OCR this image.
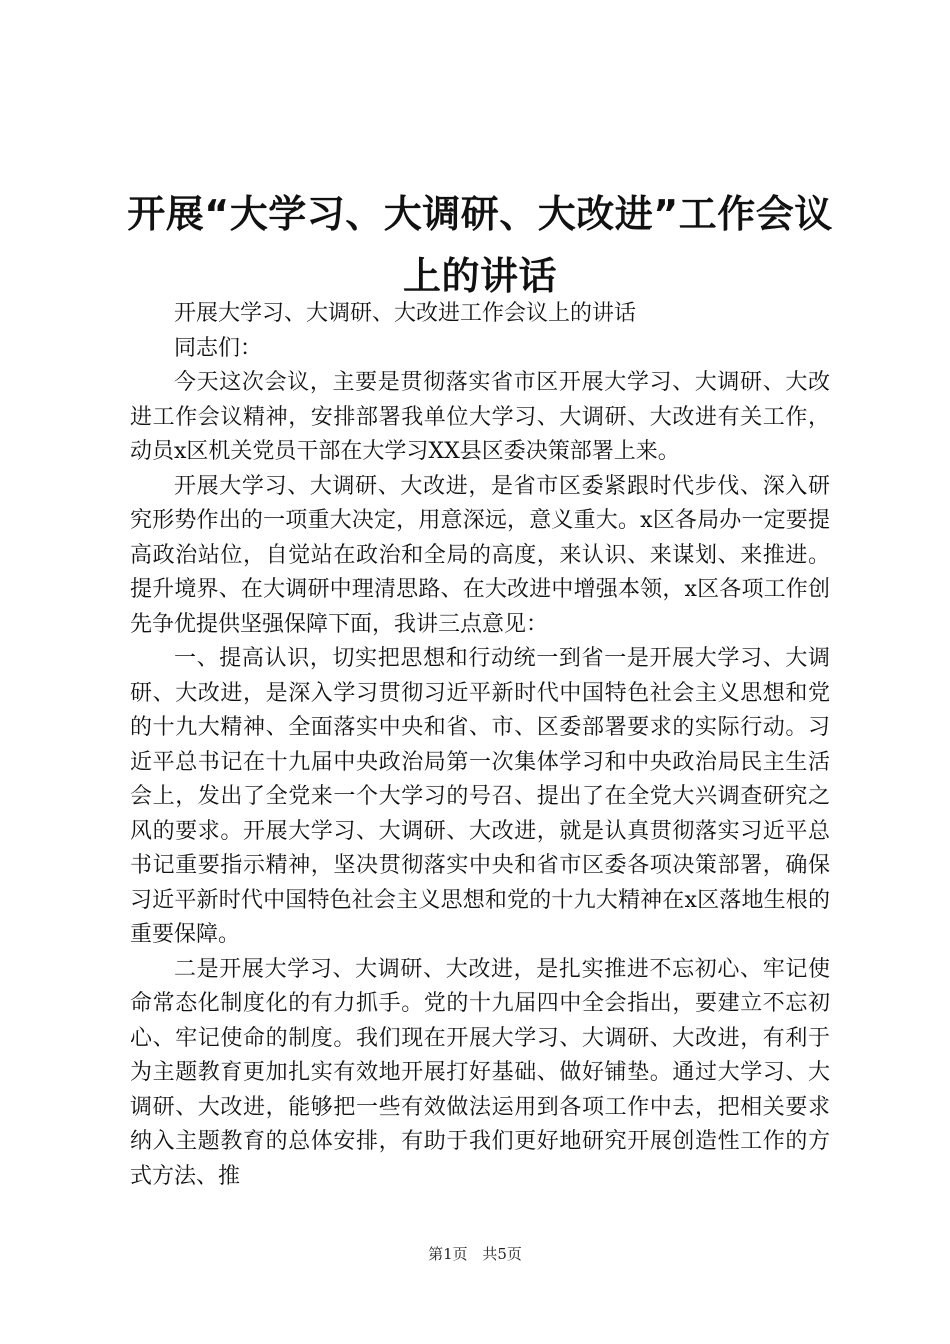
开展“大学习、大调研、大改进”工作会议上的讲话

开展大学习、大调研、大改进工作会议上的讲话

同志们：

今天这次会议，主要是贯彻落实省市区开展大学习、大调研、大改进工作会议精神，安排部署我单位大学习、大调研、大改进有关工作，动员x区机关党员干部在大学习XX县区委决策部署上来。

开展大学习、大调研、大改进，是省市区委紧跟时代步伐、深入研究形势作出的一项重大决定，用意深远，意义重大。x区各局办一定要提高政治站位，自觉站在政治和全局的高度，来认识、来谋划、来推进。提升境界、在大调研中理清思路、在大改进中增强本领，x区各项工作创先争优提供坚强保障下面，我讲三点意见：

一、提高认识，切实把思想和行动统一到省一是开展大学习、大调研、大改进，是深入学习贯彻习近平新时代中国特色社会主义思想和党的十九大精神、全面落实中央和省、市、区委部署要求的实际行动。习近平总书记在十九届中央政治局第一次集体学习和中央政治局民主生活会上，发出了全党来一个大学习的号召、提出了在全党大兴调查研究之风的要求。开展大学习、大调研、大改进，就是认真贯彻落实习近平总书记重要指示精神，坚决贯彻落实中央和省市区委各项决策部署，确保习近平新时代中国特色社会主义思想和党的十九大精神在x区落地生根的重要保障。

二是开展大学习、大调研、大改进，是扎实推进不忘初心、牢记使命常态化制度化的有力抓手。党的十九届四中全会指出，要建立不忘初心、牢记使命的制度。我们现在开展大学习、大调研、大改进，有利于为主题教育更加扎实有效地开展打好基础、做好铺垫。通过大学习、大调研、大改进，能够把一些有效做法运用到各项工作中去，把相关要求纳入主题教育的总体安排，有助于我们更好地研究开展创造性工作的方式方法、推

第1页 共5页
